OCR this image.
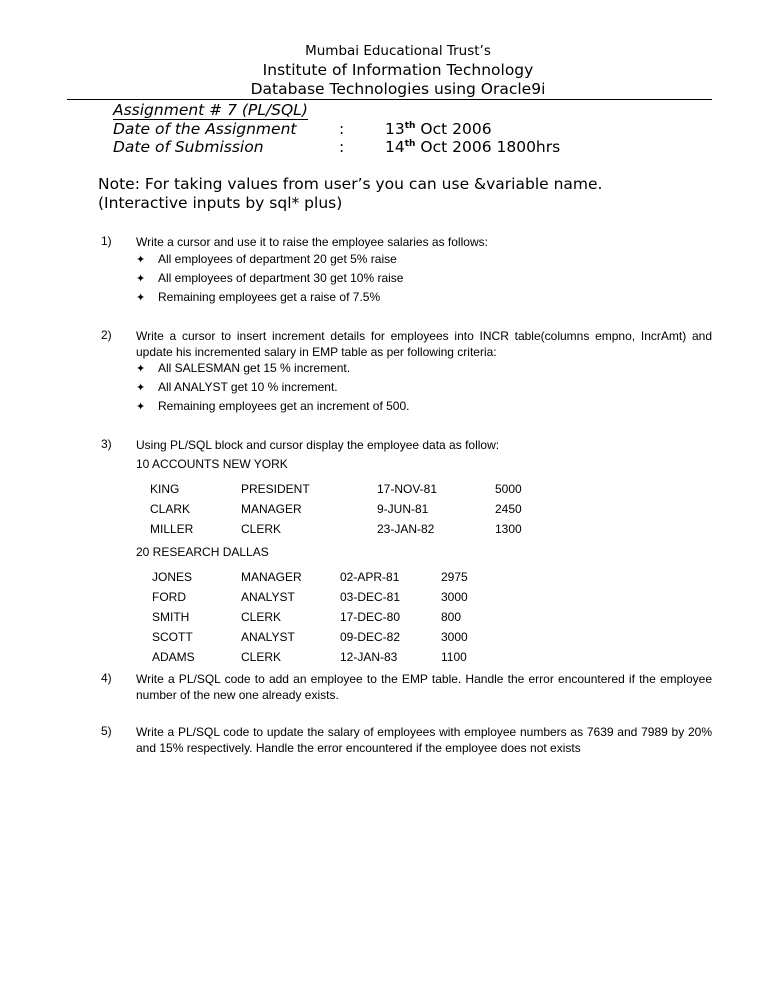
Mumbai Educational Trust’s
Institute of Information Technology
Database Technologies using Oracle9i
Assignment # 7 (PL/SQL)
Date of the Assignment	:	13th Oct 2006
Date of Submission	:	14th Oct 2006 1800hrs
Note: For taking values from user’s you can use &variable name.
(Interactive inputs by sql* plus)
1) Write a cursor and use it to raise the employee salaries as follows:
✦ All employees of department 20 get 5% raise
✦ All employees of department 30 get 10% raise
✦ Remaining employees get a raise of 7.5%
2) Write a cursor to insert increment details for employees into INCR table(columns empno, IncrAmt) and update his incremented salary in EMP table as per following criteria:
✦ All SALESMAN get 15 % increment.
✦ All ANALYST get 10 % increment.
✦ Remaining employees get an increment of 500.
3) Using PL/SQL block and cursor display the employee data as follow:
10 ACCOUNTS NEW YORK
KING	PRESIDENT	17-NOV-81	5000
CLARK	MANAGER	9-JUN-81	2450
MILLER	CLERK	23-JAN-82	1300
20 RESEARCH DALLAS
JONES	MANAGER	02-APR-81	2975
FORD	ANALYST	03-DEC-81	3000
SMITH	CLERK	17-DEC-80	800
SCOTT	ANALYST	09-DEC-82	3000
ADAMS	CLERK	12-JAN-83	1100
4) Write a PL/SQL code to add an employee to the EMP table. Handle the error encountered if the employee number of the new one already exists.
5) Write a PL/SQL code to update the salary of employees with employee numbers as 7639 and 7989 by 20% and 15% respectively. Handle the error encountered if the employee does not exists
